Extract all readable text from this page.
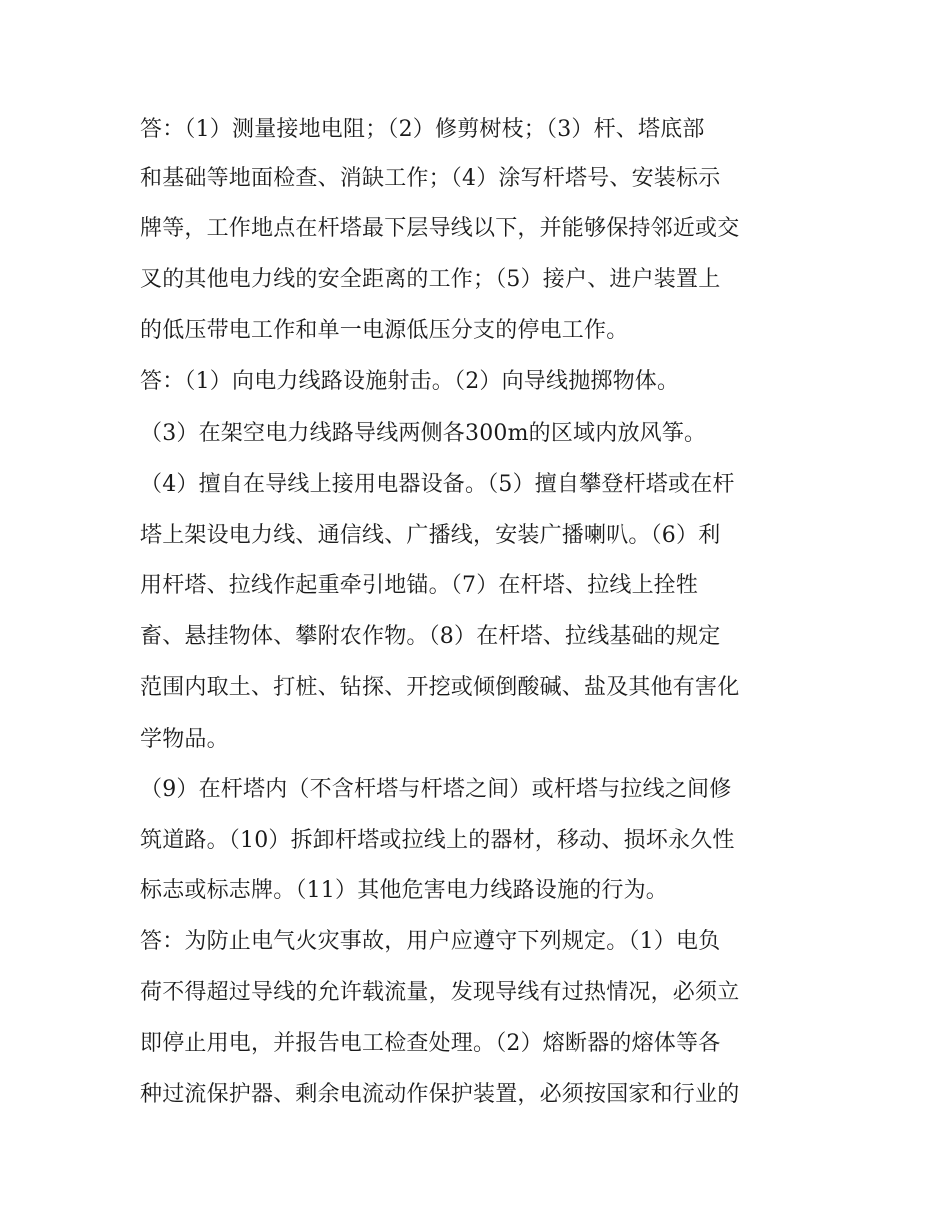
答：（1）测量接地电阻；（2）修剪树枝；（3）杆、塔底部
和基础等地面检查、消缺工作；（4）涂写杆塔号、安装标示
牌等，工作地点在杆塔最下层导线以下，并能够保持邻近或交
叉的其他电力线的安全距离的工作；（5）接户、进户装置上
的低压带电工作和单一电源低压分支的停电工作。
答：（1）向电力线路设施射击。（2）向导线抛掷物体。
（3）在架空电力线路导线两侧各300m的区域内放风筝。
（4）擅自在导线上接用电器设备。（5）擅自攀登杆塔或在杆
塔上架设电力线、通信线、广播线，安装广播喇叭。（6）利
用杆塔、拉线作起重牵引地锚。（7）在杆塔、拉线上拴牲
畜、悬挂物体、攀附农作物。（8）在杆塔、拉线基础的规定
范围内取土、打桩、钻探、开挖或倾倒酸碱、盐及其他有害化
学物品。
（9）在杆塔内（不含杆塔与杆塔之间）或杆塔与拉线之间修
筑道路。（10）拆卸杆塔或拉线上的器材，移动、损坏永久性
标志或标志牌。（11）其他危害电力线路设施的行为。
答：为防止电气火灾事故，用户应遵守下列规定。（1）电负
荷不得超过导线的允许载流量，发现导线有过热情况，必须立
即停止用电，并报告电工检查处理。（2）熔断器的熔体等各
种过流保护器、剩余电流动作保护装置，必须按国家和行业的
